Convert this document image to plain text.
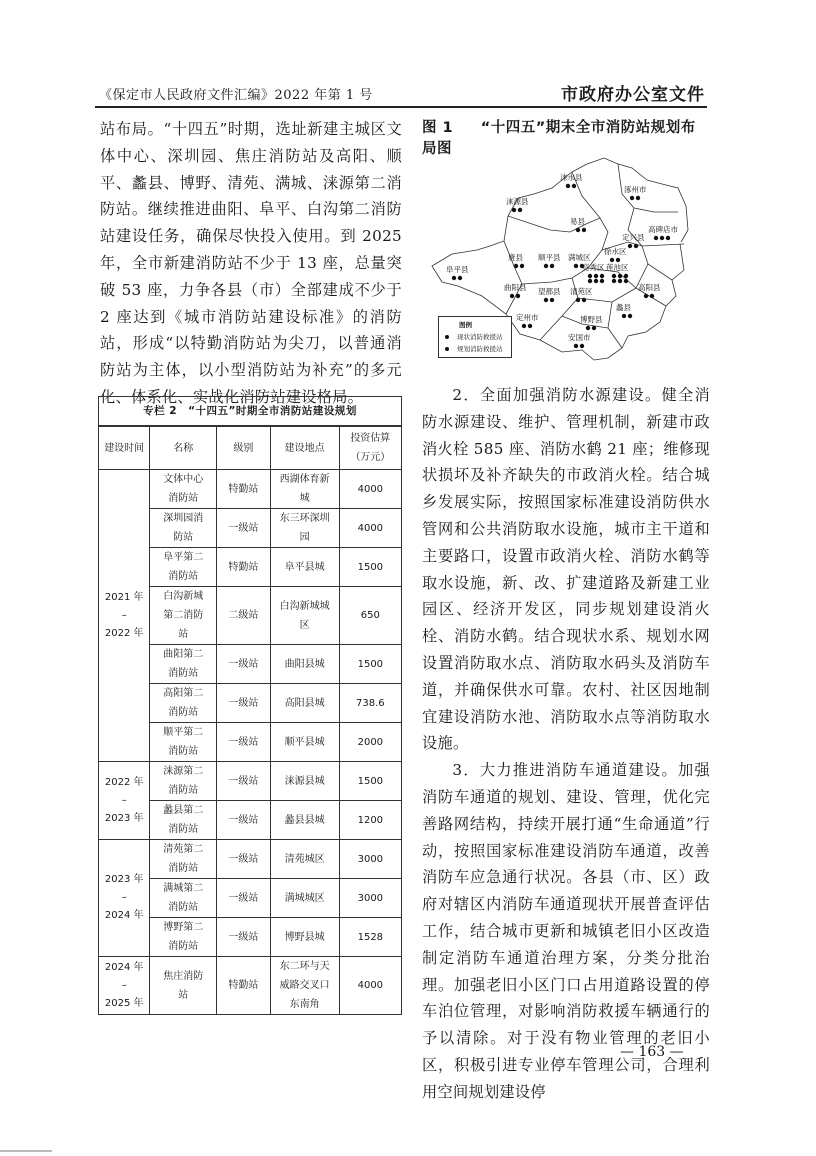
《保定市人民政府文件汇编》2022 年第 1 号	市政府办公室文件

站布局。“十四五”时期，选址新建主城区文体中心、深圳园、焦庄消防站及高阳、顺平、蠡县、博野、清苑、满城、涞源第二消防站。继续推进曲阳、阜平、白沟第二消防站建设任务，确保尽快投入使用。到 2025 年，全市新建消防站不少于 13 座，总量突破 53 座，力争各县（市）全部建成不少于 2 座达到《城市消防站建设标准》的消防站，形成“以特勤消防站为尖刀，以普通消防站为主体，以小型消防站为补充”的多元化、体系化、实战化消防站建设格局。

专栏 2　“十四五”时期全市消防站建设规划
建设时间	名称	级别	建设地点	投资估算（万元）

2021 年
–
2022 年	文体中心消防站	特勤站	西湖体育新城	4000
	深圳园消防站	一级站	东三环深圳园	4000
	阜平第二消防站	特勤站	阜平县城	1500
	白沟新城第二消防站	二级站	白沟新城城区	650
	曲阳第二消防站	一级站	曲阳县城	1500
	高阳第二消防站	一级站	高阳县城	738.6
	顺平第二消防站	一级站	顺平县城	2000

2022 年
–
2023 年	涞源第二消防站	一级站	涞源县城	1500
	蠡县第二消防站	一级站	蠡县县城	1200

2023 年
–
2024 年	清苑第二消防站	一级站	清苑城区	3000
	满城第二消防站	一级站	满城城区	3000
	博野第二消防站	一级站	博野县城	1528

2024 年
–
2025 年	焦庄消防站	特勤站	东二环与天威路交叉口东南角	4000
图 1 “十四五”期末全市消防站规划布局图
涞水县
涿州市
涞源县
易县
定兴县
高碑店市
徐水区
阜平县
唐县 顺平县 满城区
竞秀区 莲池区
曲阳县 望都县 清苑区	高阳县
蠡县
博野县
定州市
安国市
图例
现状消防救援站
规划消防救援站

2．全面加强消防水源建设。健全消防水源建设、维护、管理机制，新建市政消火栓 585 座、消防水鹤 21 座；维修现状损坏及补齐缺失的市政消火栓。结合城乡发展实际，按照国家标准建设消防供水管网和公共消防取水设施，城市主干道和主要路口，设置市政消火栓、消防水鹤等取水设施，新、改、扩建道路及新建工业园区、经济开发区，同步规划建设消火栓、消防水鹤。结合现状水系、规划水网设置消防取水点、消防取水码头及消防车道，并确保供水可靠。农村、社区因地制宜建设消防水池、消防取水点等消防取水设施。

3．大力推进消防车通道建设。加强消防车通道的规划、建设、管理，优化完善路网结构，持续开展打通“生命通道”行动，按照国家标准建设消防车通道，改善消防车应急通行状况。各县（市、区）政府对辖区内消防车通道现状开展普查评估工作，结合城市更新和城镇老旧小区改造制定消防车通道治理方案，分类分批治理。加强老旧小区门口占用道路设置的停车泊位管理，对影响消防救援车辆通行的予以清除。对于没有物业管理的老旧小区，积极引进专业停车管理公司，合理利用空间规划建设停

— 163 —
